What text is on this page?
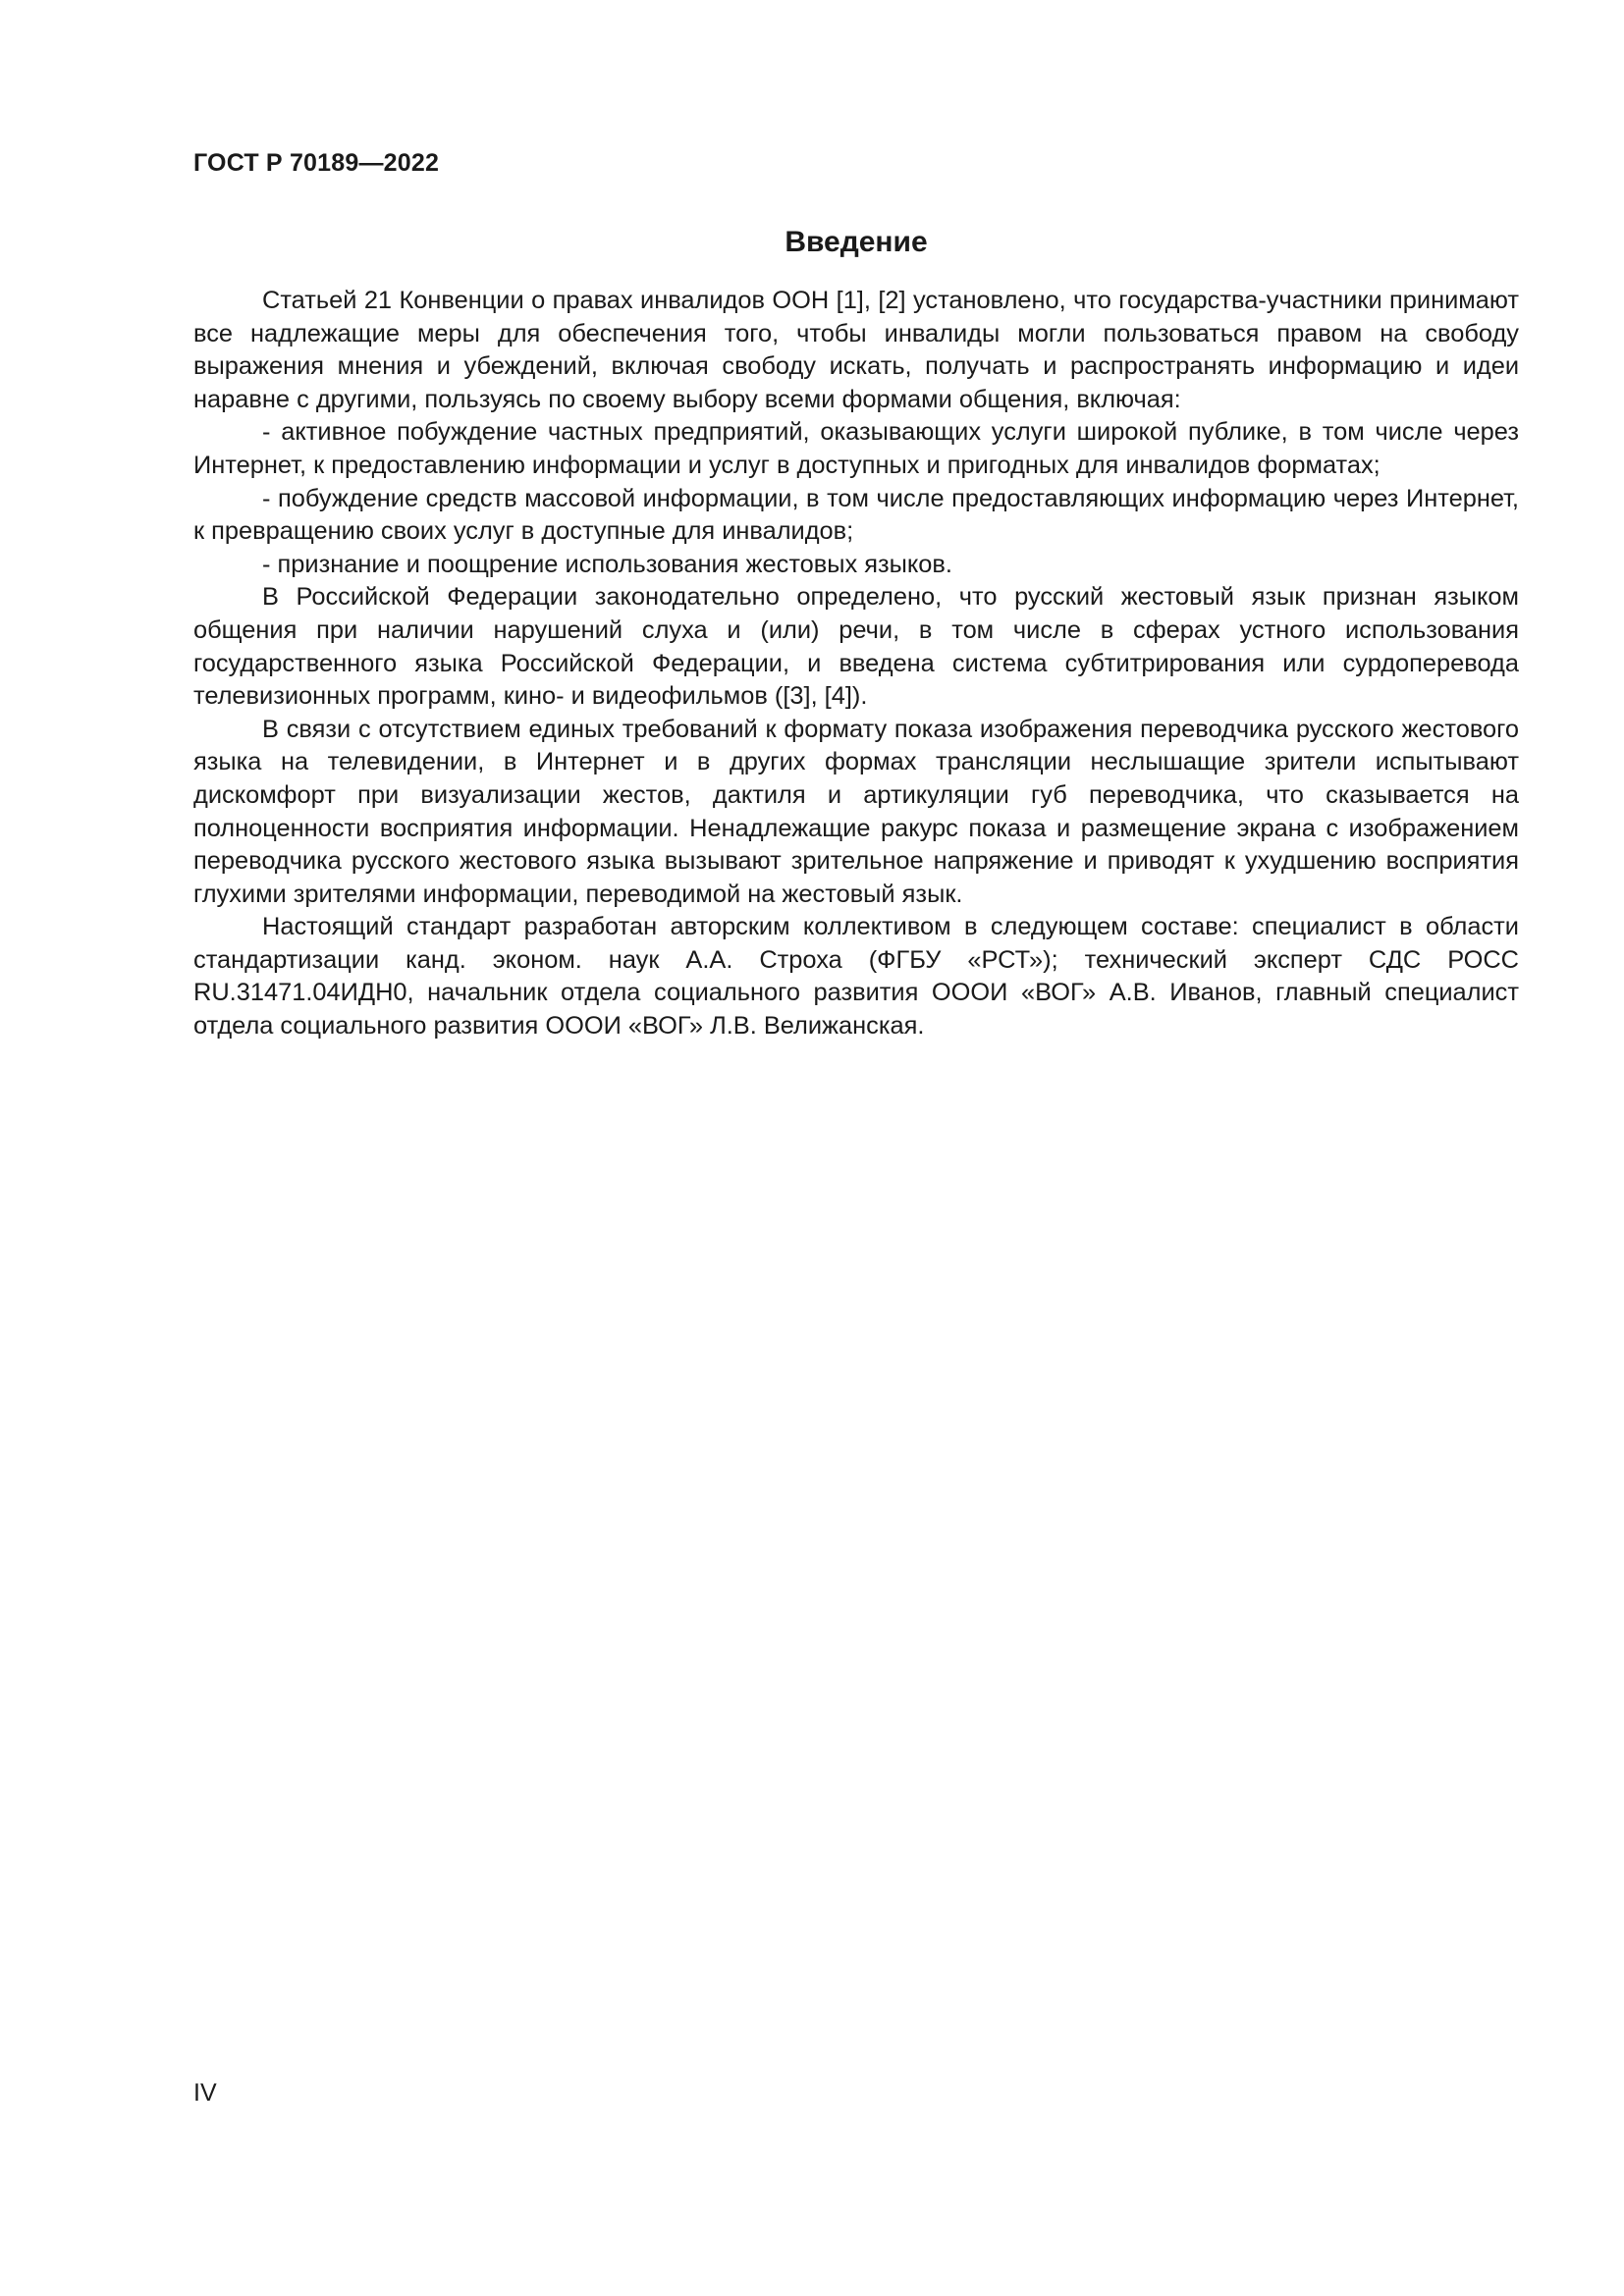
ГОСТ Р 70189—2022
Введение

Статьей 21 Конвенции о правах инвалидов ООН [1], [2] установлено, что государства-участники принимают все надлежащие меры для обеспечения того, чтобы инвалиды могли пользоваться правом на свободу выражения мнения и убеждений, включая свободу искать, получать и распространять информацию и идеи наравне с другими, пользуясь по своему выбору всеми формами общения, включая:

- активное побуждение частных предприятий, оказывающих услуги широкой публике, в том числе через Интернет, к предоставлению информации и услуг в доступных и пригодных для инвалидов форматах;

- побуждение средств массовой информации, в том числе предоставляющих информацию через Интернет, к превращению своих услуг в доступные для инвалидов;

- признание и поощрение использования жестовых языков.

В Российской Федерации законодательно определено, что русский жестовый язык признан языком общения при наличии нарушений слуха и (или) речи, в том числе в сферах устного использования государственного языка Российской Федерации, и введена система субтитрирования или сурдоперевода телевизионных программ, кино- и видеофильмов ([3], [4]).

В связи с отсутствием единых требований к формату показа изображения переводчика русского жестового языка на телевидении, в Интернет и в других формах трансляции неслышащие зрители испытывают дискомфорт при визуализации жестов, дактиля и артикуляции губ переводчика, что сказывается на полноценности восприятия информации. Ненадлежащие ракурс показа и размещение экрана с изображением переводчика русского жестового языка вызывают зрительное напряжение и приводят к ухудшению восприятия глухими зрителями информации, переводимой на жестовый язык.

Настоящий стандарт разработан авторским коллективом в следующем составе: специалист в области стандартизации канд. эконом. наук А.А. Строха (ФГБУ «РСТ»); технический эксперт СДС РОСС RU.31471.04ИДН0, начальник отдела социального развития ОООИ «ВОГ» А.В. Иванов, главный специалист отдела социального развития ОООИ «ВОГ» Л.В. Велижанская.

IV
